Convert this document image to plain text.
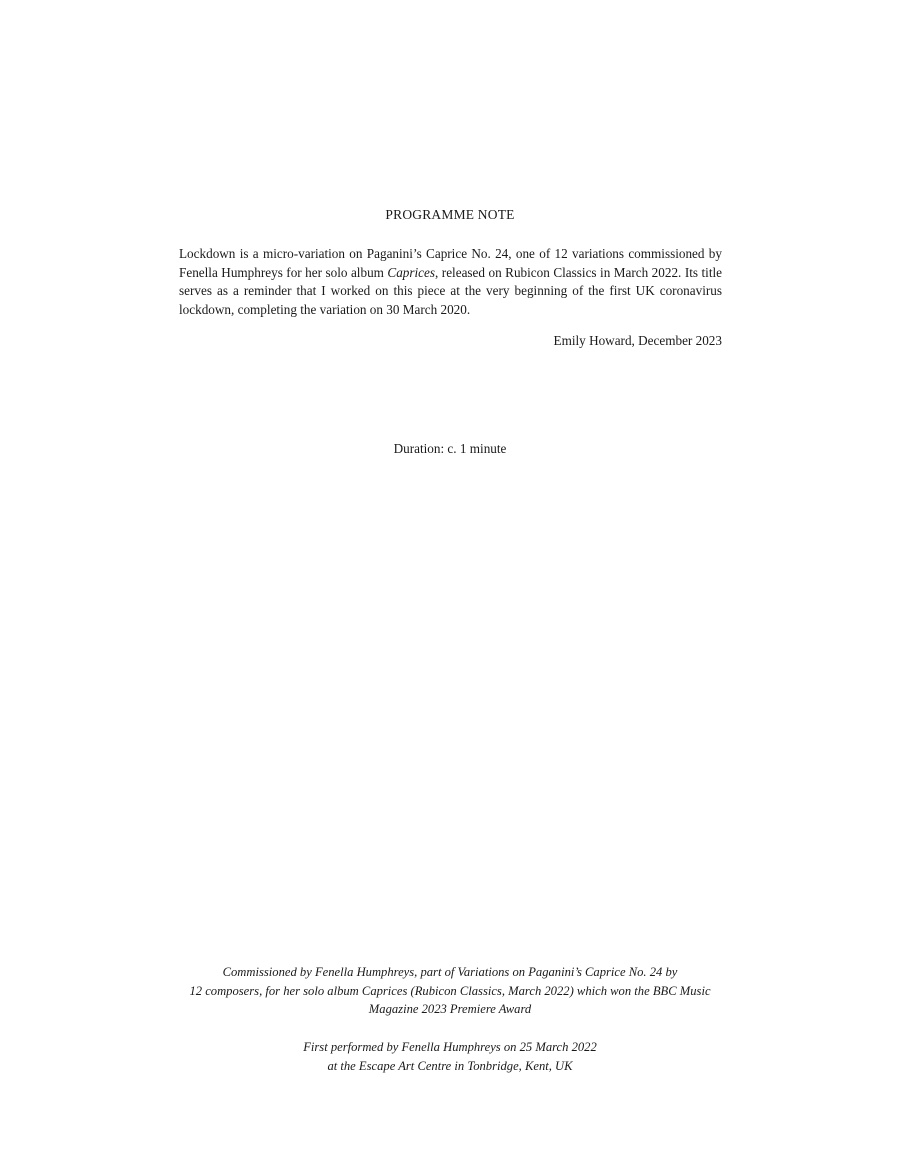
PROGRAMME NOTE
Lockdown is a micro-variation on Paganini’s Caprice No. 24, one of 12 variations commissioned by Fenella Humphreys for her solo album Caprices, released on Rubicon Classics in March 2022. Its title serves as a reminder that I worked on this piece at the very beginning of the first UK coronavirus lockdown, completing the variation on 30 March 2020.
Emily Howard, December 2023
Duration: c. 1 minute
Commissioned by Fenella Humphreys, part of Variations on Paganini’s Caprice No. 24 by
12 composers, for her solo album Caprices (Rubicon Classics, March 2022) which won the BBC Music
Magazine 2023 Premiere Award
First performed by Fenella Humphreys on 25 March 2022
at the Escape Art Centre in Tonbridge, Kent, UK
